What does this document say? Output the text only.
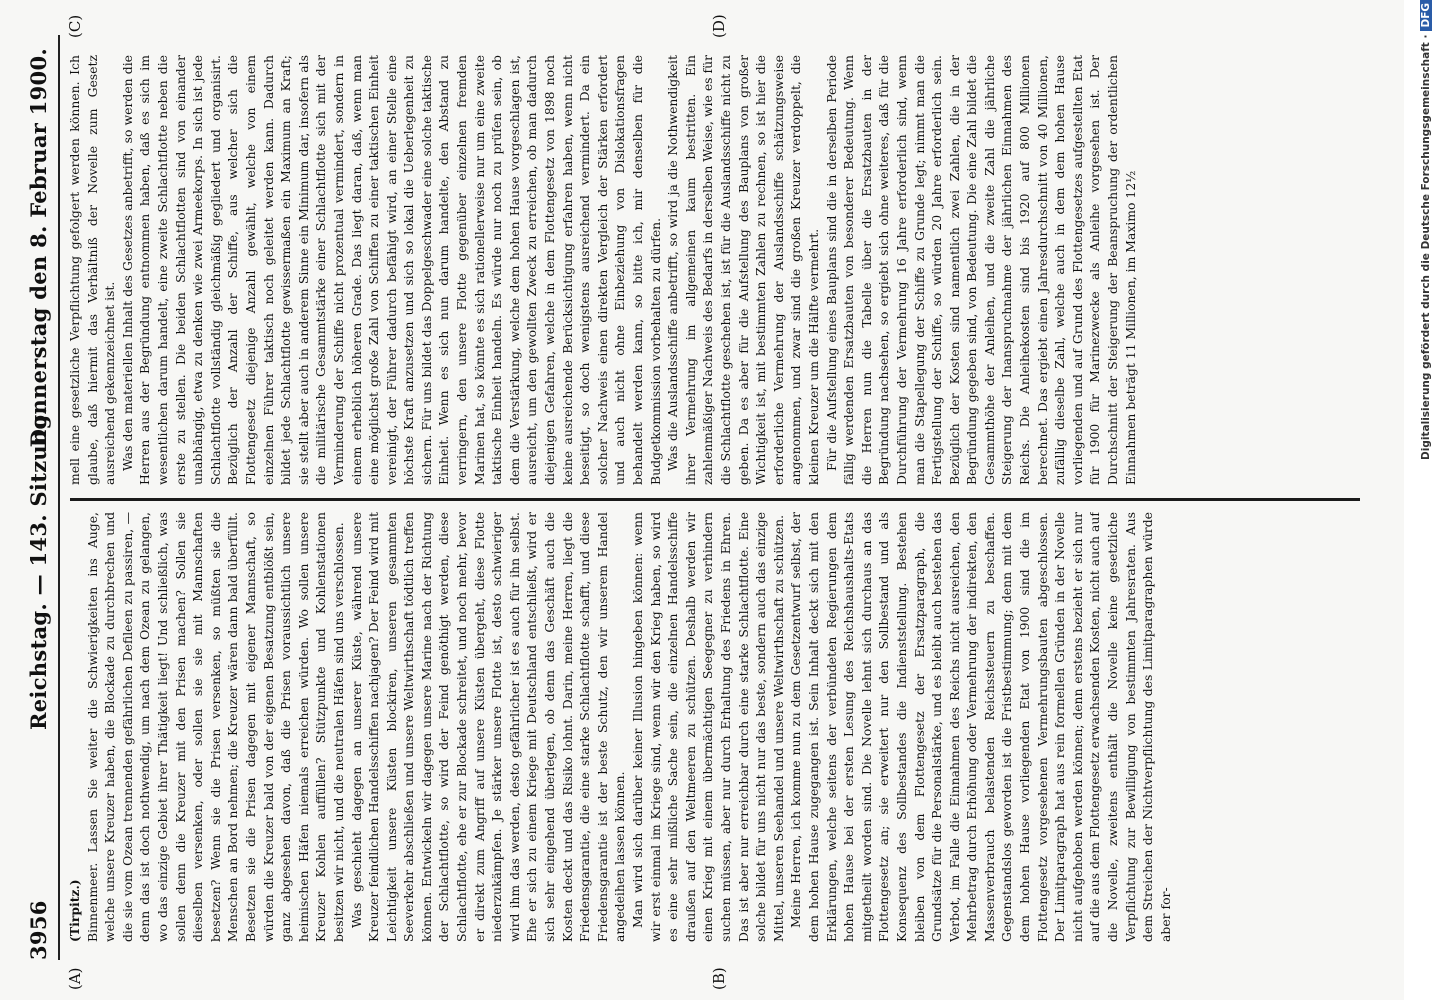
3956
Reichstag. — 143. Sitzung.
Donnerstag den 8. Februar 1900.
(A)	(B)
(C)	(D)

(Tirpitz.) Binnenmeer. Lassen Sie weiter die Schwierigkeiten ins Auge, welche unsere Kreuzer haben, die Blockade zu durchbrechen und die sie vom Ozean trennenden gefährlichen Defileen zu passiren, — denn das ist doch nothwendig, um nach dem Ozean zu gelangen, wo das einzige Gebiet ihrer Thätigkeit liegt! Und schließlich, was sollen denn die Kreuzer mit den Prisen machen? Sollen sie dieselben versenken, oder sollen sie sie mit Mannschaften besetzen? Wenn sie die Prisen versenken, so müßten sie die Menschen an Bord nehmen; die Kreuzer wären dann bald überfüllt. Besetzen sie die Prisen dagegen mit eigener Mannschaft, so würden die Kreuzer bald von der eigenen Besatzung entblößt sein, ganz abgesehen davon, daß die Prisen voraussichtlich unsere heimischen Häfen niemals erreichen würden. Wo sollen unsere Kreuzer Kohlen auffüllen? Stützpunkte und Kohlenstationen besitzen wir nicht, und die neutralen Häfen sind uns verschlossen. Was geschieht dagegen an unserer Küste, während unsere Kreuzer feindlichen Handelsschiffen nachjagen? Der Feind wird mit Leichtigkeit unsere Küsten blockiren, unseren gesammten Seeverkehr abschließen und unsere Weltwirthschaft tödtlich treffen können. Entwickeln wir dagegen unsere Marine nach der Richtung der Schlachtflotte, so wird der Feind genöthigt werden, diese Schlachtflotte, ehe er zur Blockade schreitet, und noch mehr, bevor er direkt zum Angriff auf unsere Küsten übergeht, diese Flotte niederzukämpfen. Je stärker unsere Flotte ist, desto schwieriger wird ihm das werden, desto gefährlicher ist es auch für ihn selbst. Ehe er sich zu einem Kriege mit Deutschland entschließt, wird er sich sehr eingehend überlegen, ob denn das Geschäft auch die Kosten deckt und das Risiko lohnt. Darin, meine Herren, liegt die Friedensgarantie, die eine starke Schlachtflotte schafft, und diese Friedensgarantie ist der beste Schutz, den wir unserem Handel angedeihen lassen können. Man wird sich darüber keiner Illusion hingeben können: wenn wir erst einmal im Kriege sind, wenn wir den Krieg haben, so wird es eine sehr mißliche Sache sein, die einzelnen Handelsschiffe draußen auf den Weltmeeren zu schützen. Deshalb werden wir einen Krieg mit einem übermächtigen Seegegner zu verhindern suchen müssen, aber nur durch Erhaltung des Friedens in Ehren. Das ist aber nur erreichbar durch eine starke Schlachtflotte. Eine solche bildet für uns nicht nur das beste, sondern auch das einzige Mittel, unseren Seehandel und unsere Weltwirthschaft zu schützen. Meine Herren, ich komme nun zu dem Gesetzentwurf selbst, der dem hohen Hause zugegangen ist. Sein Inhalt deckt sich mit den Erklärungen, welche seitens der verbündeten Regierungen dem hohen Hause bei der ersten Lesung des Reichshaushalts-Etats mitgetheilt worden sind. Die Novelle lehnt sich durchaus an das Flottengesetz an; sie erweitert nur den Sollbestand und als Konsequenz des Sollbestandes die Indienststellung. Bestehen bleiben von dem Flottengesetz der Ersatzparagraph, die Grundsätze für die Personalstärke, und es bleibt auch bestehen das Verbot, im Falle die Einnahmen des Reichs nicht ausreichen, den Mehrbetrag durch Erhöhung oder Vermehrung der indirekten, den Massenverbrauch belastenden Reichssteuern zu beschaffen. Gegenstandslos geworden ist die Fristbestimmung; denn mit dem dem hohen Hause vorliegenden Etat von 1900 sind die im Flottengesetz vorgesehenen Vermehrungsbauten abgeschlossen. Der Limitparagraph hat aus rein formellen Gründen in der Novelle nicht aufgehoben werden können; denn erstens bezieht er sich nur auf die aus dem Flottengesetz erwachsenden Kosten, nicht auch auf die Novelle, zweitens enthält die Novelle keine gesetzliche Verpflichtung zur Bewilligung von bestimmten Jahresraten. Aus dem Streichen der Nichtverpflichtung des Limitparagraphen würde aber for-

mell eine gesetzliche Verpflichtung gefolgert werden können. Ich glaube, daß hiermit das Verhältniß der Novelle zum Gesetz ausreichend gekennzeichnet ist. Was den materiellen Inhalt des Gesetzes anbetrifft, so werden die Herren aus der Begründung entnommen haben, daß es sich im wesentlichen darum handelt, eine zweite Schlachtflotte neben die erste zu stellen. Die beiden Schlachtflotten sind von einander unabhängig, etwa zu denken wie zwei Armeekorps. In sich ist jede Schlachtflotte vollständig gleichmäßig gegliedert und organisirt. Bezüglich der Anzahl der Schiffe, aus welcher sich die Flottengesetz diejenige Anzahl gewählt, welche von einem einzelnen Führer taktisch noch geleitet werden kann. Dadurch bildet jede Schlachtflotte gewissermaßen ein Maximum an Kraft; sie stellt aber auch in anderem Sinne ein Minimum dar, insofern als die militärische Gesammtstärke einer Schlachtflotte sich mit der Verminderung der Schiffe nicht prozentual vermindert, sondern in einem erheblich höheren Grade. Das liegt daran, daß, wenn man eine möglichst große Zahl von Schiffen zu einer taktischen Einheit vereinigt, der Führer dadurch befähigt wird, an einer Stelle eine höchste Kraft anzusetzen und sich so lokal die Ueberlegenheit zu sichern. Für uns bildet das Doppelgeschwader eine solche taktische Einheit. Wenn es sich nun darum handelte, den Abstand zu verringern, den unsere Flotte gegenüber einzelnen fremden Marinen hat, so könnte es sich rationellerweise nur um eine zweite taktische Einheit handeln. Es würde nur noch zu prüfen sein, ob dem die Verstärkung, welche dem hohen Hause vorgeschlagen ist, ausreicht, um den gewollten Zweck zu erreichen, ob man dadurch diejenigen Gefahren, welche in dem Flottengesetz von 1898 noch keine ausreichende Berücksichtigung erfahren haben, wenn nicht beseitigt, so doch wenigstens ausreichend vermindert. Da ein solcher Nachweis einen direkten Vergleich der Stärken erfordert und auch nicht ohne Einbeziehung von Dislokationsfragen behandelt werden kann, so bitte ich, mir denselben für die Budgetkommission vorbehalten zu dürfen. Was die Auslandsschiffe anbetrifft, so wird ja die Nothwendigkeit ihrer Vermehrung im allgemeinen kaum bestritten. Ein zahlenmäßiger Nachweis des Bedarfs in derselben Weise, wie es für die Schlachtflotte geschehen ist, ist für die Auslandsschiffe nicht zu geben. Da es aber für die Aufstellung des Bauplans von großer Wichtigkeit ist, mit bestimmten Zahlen zu rechnen, so ist hier die erforderliche Vermehrung der Auslandsschiffe schätzungsweise angenommen, und zwar sind die großen Kreuzer verdoppelt, die kleinen Kreuzer um die Hälfte vermehrt. Für die Aufstellung eines Bauplans sind die in derselben Periode fällig werdenden Ersatzbauten von besonderer Bedeutung. Wenn die Herren nun die Tabelle über die Ersatzbauten in der Begründung nachsehen, so ergiebt sich ohne weiteres, daß für die Durchführung der Vermehrung 16 Jahre erforderlich sind, wenn man die Stapellegung der Schiffe zu Grunde legt; nimmt man die Fertigstellung der Schiffe, so würden 20 Jahre erforderlich sein. Bezüglich der Kosten sind namentlich zwei Zahlen, die in der Begründung gegeben sind, von Bedeutung. Die eine Zahl bildet die Gesammthöhe der Anleihen, und die zweite Zahl die jährliche Steigerung der Inanspruchnahme der jährlichen Einnahmen des Reichs. Die Anleihekosten sind bis 1920 auf 800 Millionen berechnet. Das ergiebt einen Jahresdurchschnitt von 40 Millionen, zufällig dieselbe Zahl, welche auch in dem dem hohen Hause vorliegenden und auf Grund des Flottengesetzes aufgestellten Etat für 1900 für Marinezwecke als Anleihe vorgesehen ist. Der Durchschnitt der Steigerung der Beanspruchung der ordentlichen Einnahmen beträgt 11 Millionen, im Maximo 12½	Digitalisierung gefördert durch die Deutsche Forschungsgemeinschaft ·DFG
